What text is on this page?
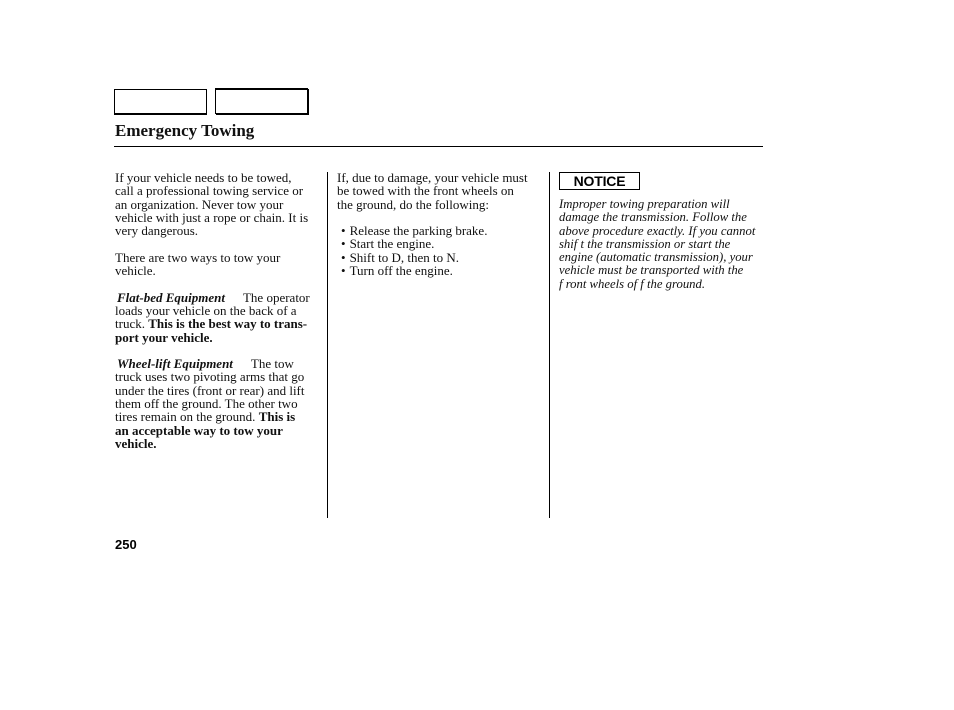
Emergency Towing
If your vehicle needs to be towed,
call a professional towing service or
an organization. Never tow your
vehicle with just a rope or chain. It is
very dangerous.
There are two ways to tow your
vehicle.
Flat-bed Equipment The operator
loads your vehicle on the back of a
truck. This is the best way to trans-
port your vehicle.
Wheel-lift Equipment The tow
truck uses two pivoting arms that go
under the tires (front or rear) and lift
them off the ground. The other two
tires remain on the ground. This is
an acceptable way to tow your
vehicle.
If, due to damage, your vehicle must
be towed with the front wheels on
the ground, do the following:
• Release the parking brake.
• Start the engine.
• Shift to D, then to N.
• Turn off the engine.
NOTICE
Improper towing preparation will
damage the transmission. Follow the
above procedure exactly. If you cannot
shif t the transmission or start the
engine (automatic transmission), your
vehicle must be transported with the
f ront wheels of f the ground.
250
